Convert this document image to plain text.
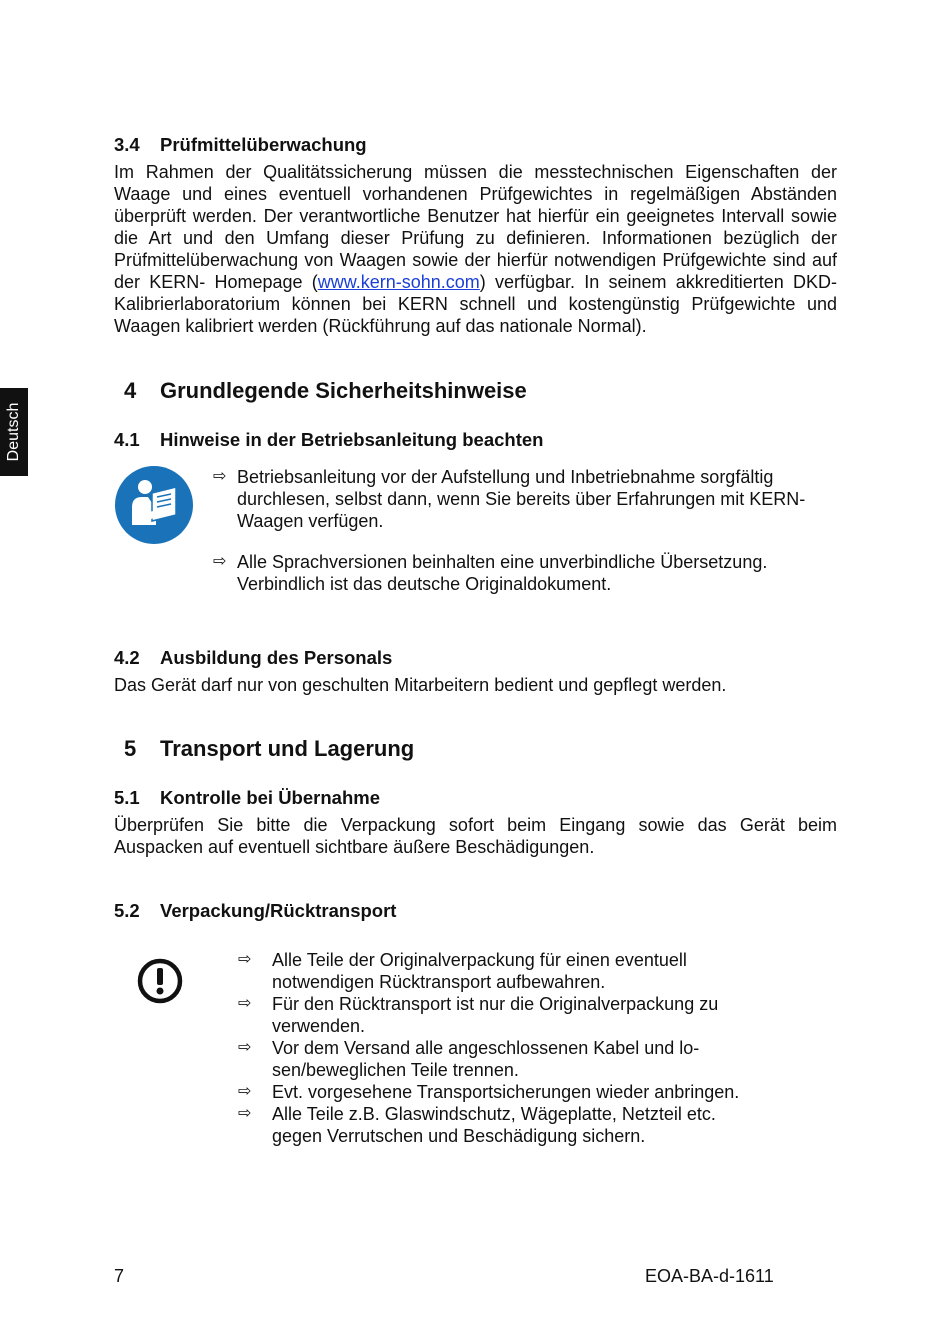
Deutsch
3.4 Prüfmittelüberwachung
Im Rahmen der Qualitätssicherung müssen die messtechnischen Eigenschaften der Waage und eines eventuell vorhandenen Prüfgewichtes in regelmäßigen Abständen überprüft werden. Der verantwortliche Benutzer hat hierfür ein geeignetes Intervall sowie die Art und den Umfang dieser Prüfung zu definieren. Informationen bezüglich der Prüfmittelüberwachung von Waagen sowie der hierfür notwendigen Prüfgewichte sind auf der KERN- Homepage (www.kern-sohn.com) verfügbar. In seinem akkreditierten DKD- Kalibrierlaboratorium können bei KERN schnell und kostengünstig Prüfgewichte und Waagen kalibriert werden (Rückführung auf das nationale Normal).
4 Grundlegende Sicherheitshinweise
4.1 Hinweise in der Betriebsanleitung beachten
⇨ Betriebsanleitung vor der Aufstellung und Inbetriebnahme sorgfältig durchlesen, selbst dann, wenn Sie bereits über Erfahrungen mit KERN- Waagen verfügen.
⇨ Alle Sprachversionen beinhalten eine unverbindliche Übersetzung. Verbindlich ist das deutsche Originaldokument.
4.2 Ausbildung des Personals
Das Gerät darf nur von geschulten Mitarbeitern bedient und gepflegt werden.
5 Transport und Lagerung
5.1 Kontrolle bei Übernahme
Überprüfen Sie bitte die Verpackung sofort beim Eingang sowie das Gerät beim Auspacken auf eventuell sichtbare äußere Beschädigungen.
5.2 Verpackung/Rücktransport
⇨ Alle Teile der Originalverpackung für einen eventuell notwendigen Rücktransport aufbewahren.
⇨ Für den Rücktransport ist nur die Originalverpackung zu verwenden.
⇨ Vor dem Versand alle angeschlossenen Kabel und lo-sen/beweglichen Teile trennen.
⇨ Evt. vorgesehene Transportsicherungen wieder anbringen.
⇨ Alle Teile z.B. Glaswindschutz, Wägeplatte, Netzteil etc. gegen Verrutschen und Beschädigung sichern.
7	EOA-BA-d-1611
